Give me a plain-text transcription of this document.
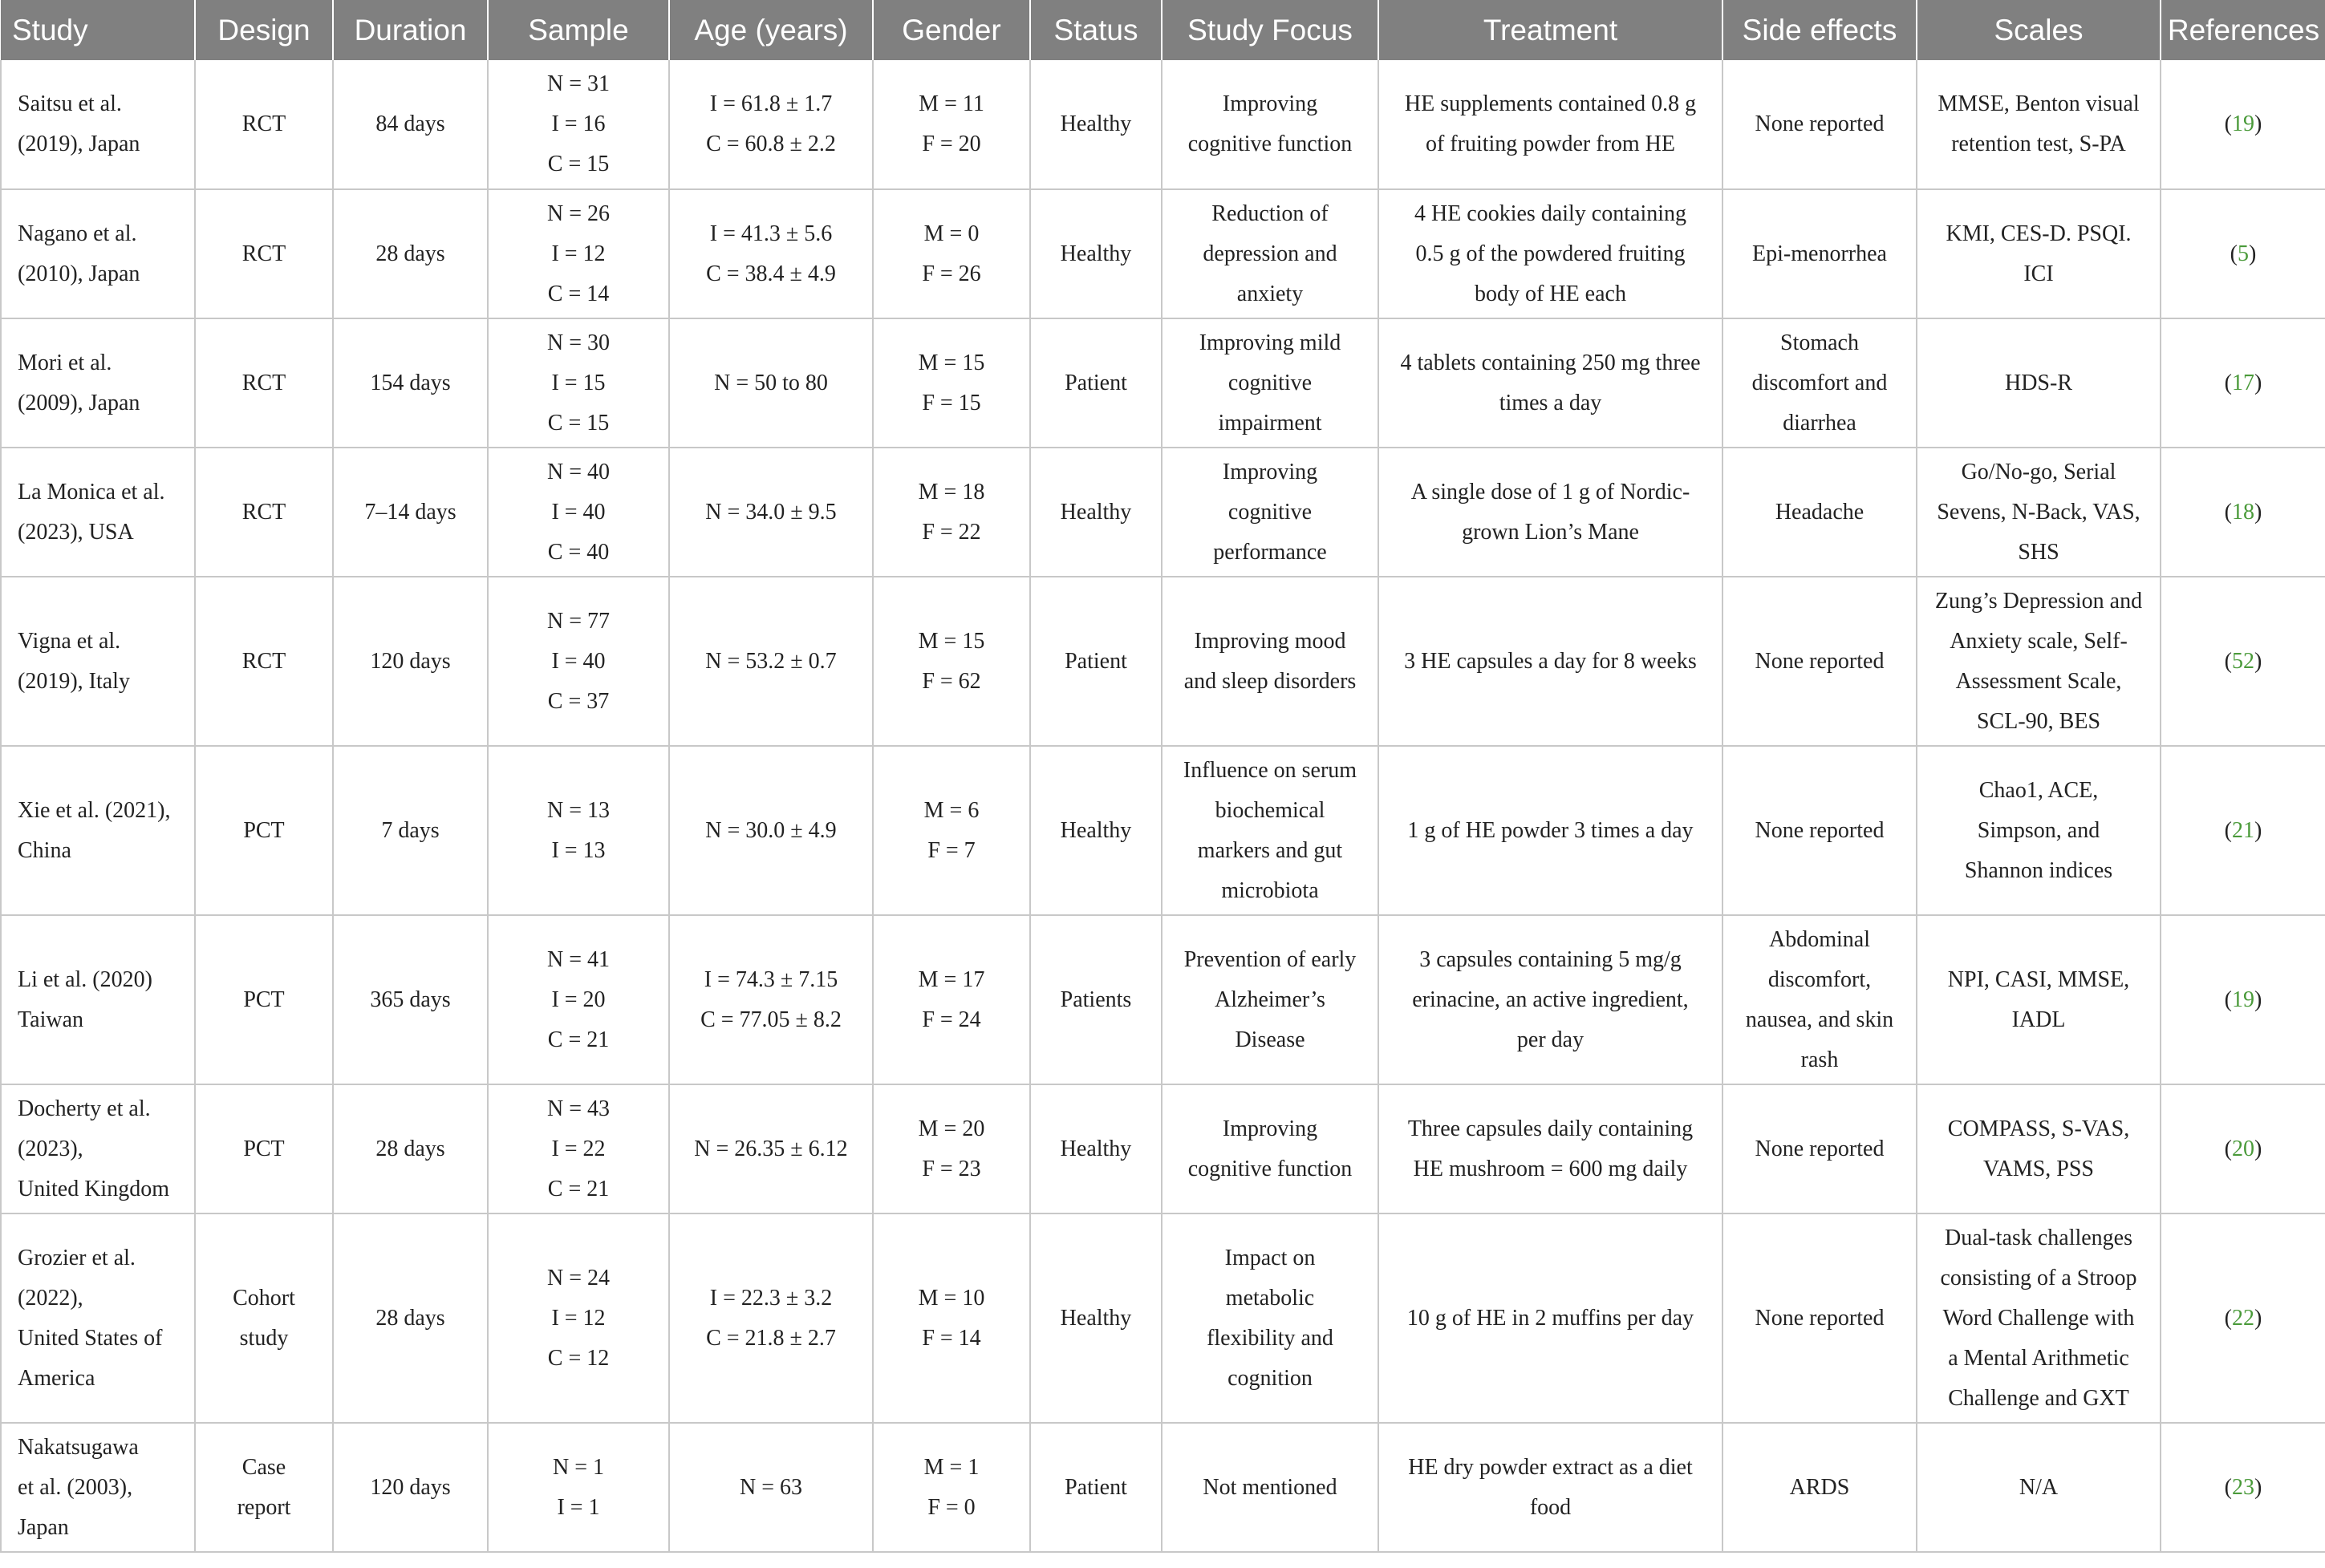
Study	Design	Duration	Sample	Age (years)	Gender	Status	Study Focus	Treatment	Side effects	Scales	References

Saitsu et al.
(2019), Japan	RCT	84 days	N = 31
I = 16
C = 15	I = 61.8 ± 1.7
C = 60.8 ± 2.2	M = 11
F = 20	Healthy	Improving
cognitive function	HE supplements contained 0.8 g
of fruiting powder from HE	None reported	MMSE, Benton visual
retention test, S-PA	(19)

Nagano et al.
(2010), Japan	RCT	28 days	N = 26
I = 12
C = 14	I = 41.3 ± 5.6
C = 38.4 ± 4.9	M = 0
F = 26	Healthy	Reduction of
depression and
anxiety	4 HE cookies daily containing
0.5 g of the powdered fruiting
body of HE each	Epi-menorrhea	KMI, CES-D. PSQI.
ICI	(5)

Mori et al.
(2009), Japan	RCT	154 days	N = 30
I = 15
C = 15	N = 50 to 80	M = 15
F = 15	Patient	Improving mild
cognitive
impairment	4 tablets containing 250 mg three
times a day	Stomach
discomfort and
diarrhea	HDS-R	(17)

La Monica et al.
(2023), USA	RCT	7–14 days	N = 40
I = 40
C = 40	N = 34.0 ± 9.5	M = 18
F = 22	Healthy	Improving
cognitive
performance	A single dose of 1 g of Nordic-
grown Lion’s Mane	Headache	Go/No-go, Serial
Sevens, N-Back, VAS,
SHS	(18)

Vigna et al.
(2019), Italy	RCT	120 days	N = 77
I = 40
C = 37	N = 53.2 ± 0.7	M = 15
F = 62	Patient	Improving mood
and sleep disorders	3 HE capsules a day for 8 weeks	None reported	Zung’s Depression and
Anxiety scale, Self-
Assessment Scale,
SCL-90, BES	(52)

Xie et al. (2021),
China	PCT	7 days	N = 13
I = 13	N = 30.0 ± 4.9	M = 6
F = 7	Healthy	Influence on serum
biochemical
markers and gut
microbiota	1 g of HE powder 3 times a day	None reported	Chao1, ACE,
Simpson, and
Shannon indices	(21)

Li et al. (2020)
Taiwan	PCT	365 days	N = 41
I = 20
C = 21	I = 74.3 ± 7.15
C = 77.05 ± 8.2	M = 17
F = 24	Patients	Prevention of early
Alzheimer’s
Disease	3 capsules containing 5 mg/g
erinacine, an active ingredient,
per day	Abdominal
discomfort,
nausea, and skin
rash	NPI, CASI, MMSE,
IADL	(19)

Docherty et al.
(2023),
United Kingdom	PCT	28 days	N = 43
I = 22
C = 21	N = 26.35 ± 6.12	M = 20
F = 23	Healthy	Improving
cognitive function	Three capsules daily containing
HE mushroom = 600 mg daily	None reported	COMPASS, S-VAS,
VAMS, PSS	(20)

Grozier et al.
(2022),
United States of
America	Cohort
study	28 days	N = 24
I = 12
C = 12	I = 22.3 ± 3.2
C = 21.8 ± 2.7	M = 10
F = 14	Healthy	Impact on
metabolic
flexibility and
cognition	10 g of HE in 2 muffins per day	None reported	Dual-task challenges
consisting of a Stroop
Word Challenge with
a Mental Arithmetic
Challenge and GXT	(22)

Nakatsugawa
et al. (2003),
Japan	Case
report	120 days	N = 1
I = 1	N = 63	M = 1
F = 0	Patient	Not mentioned	HE dry powder extract as a diet
food	ARDS	N/A	(23)
